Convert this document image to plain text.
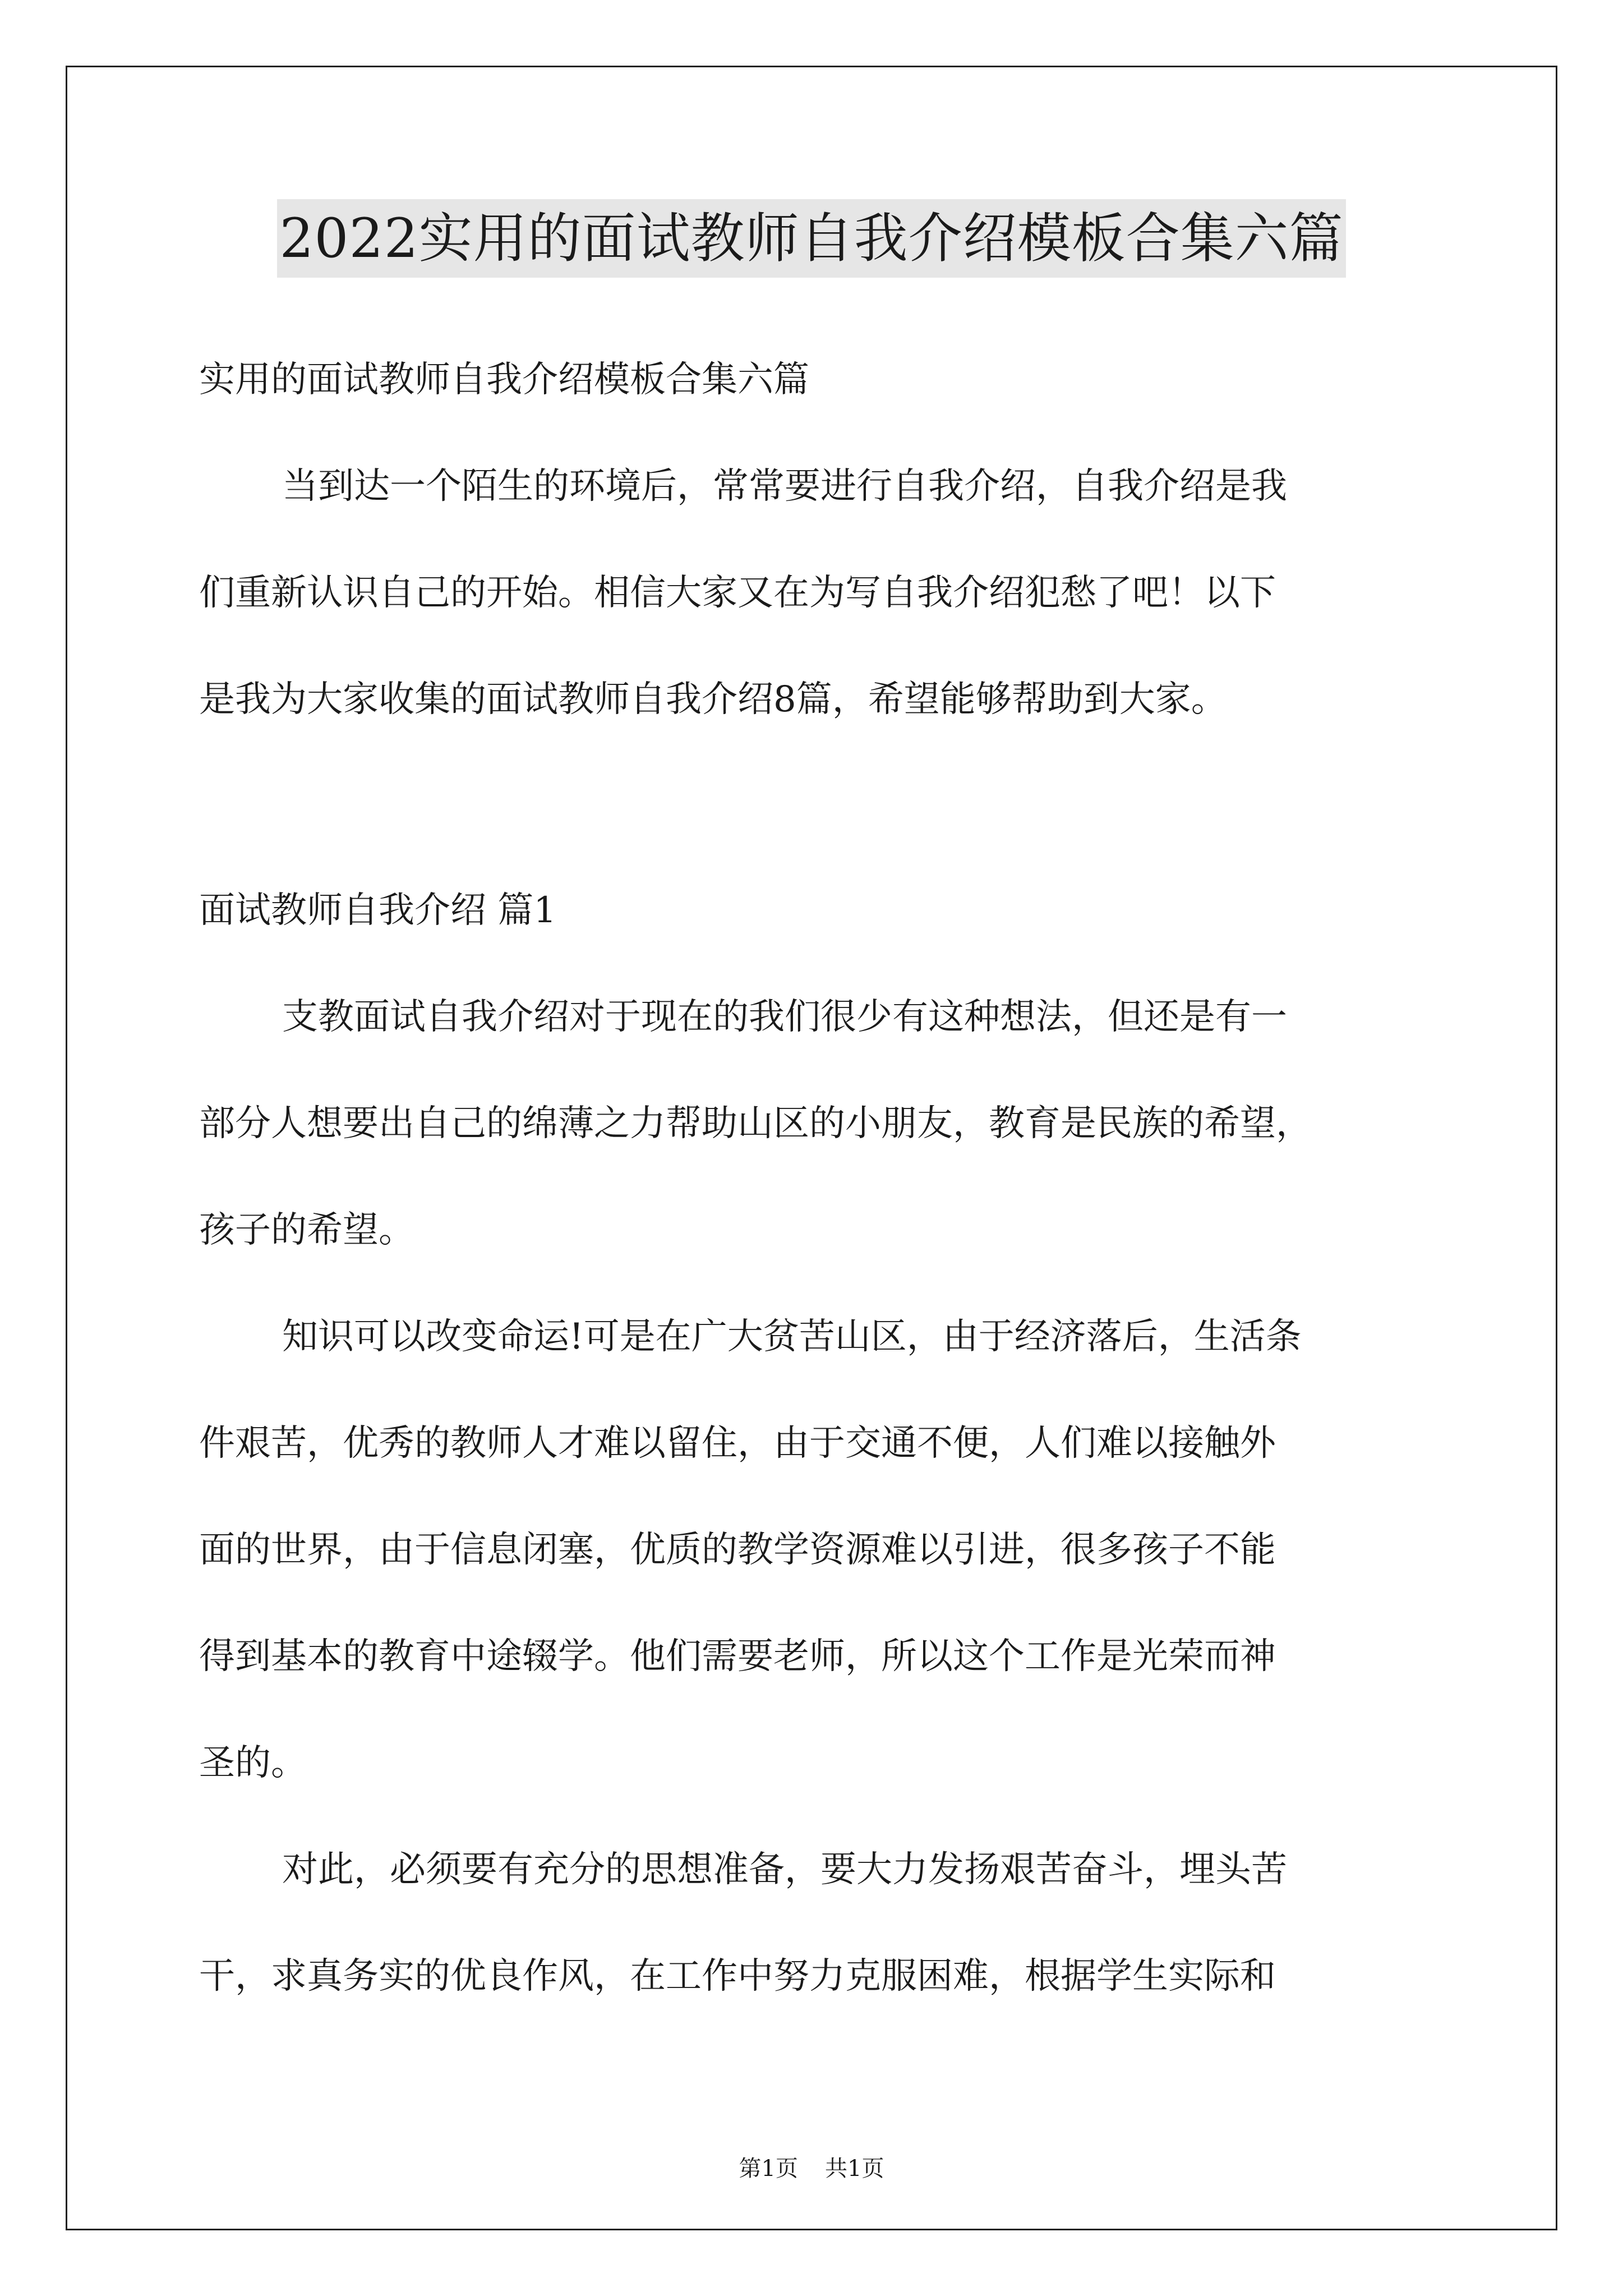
2022实用的面试教师自我介绍模板合集六篇
实用的面试教师自我介绍模板合集六篇
当到达一个陌生的环境后，常常要进行自我介绍，自我介绍是我
们重新认识自己的开始。相信大家又在为写自我介绍犯愁了吧！以下
是我为大家收集的面试教师自我介绍8篇，希望能够帮助到大家。
面试教师自我介绍 篇1
支教面试自我介绍对于现在的我们很少有这种想法，但还是有一
部分人想要出自己的绵薄之力帮助山区的小朋友，教育是民族的希望，
孩子的希望。
知识可以改变命运!可是在广大贫苦山区，由于经济落后，生活条
件艰苦，优秀的教师人才难以留住，由于交通不便，人们难以接触外
面的世界，由于信息闭塞，优质的教学资源难以引进，很多孩子不能
得到基本的教育中途辍学。他们需要老师，所以这个工作是光荣而神
圣的。
对此，必须要有充分的思想准备，要大力发扬艰苦奋斗，埋头苦
干，求真务实的优良作风，在工作中努力克服困难，根据学生实际和
第1页 共1页
